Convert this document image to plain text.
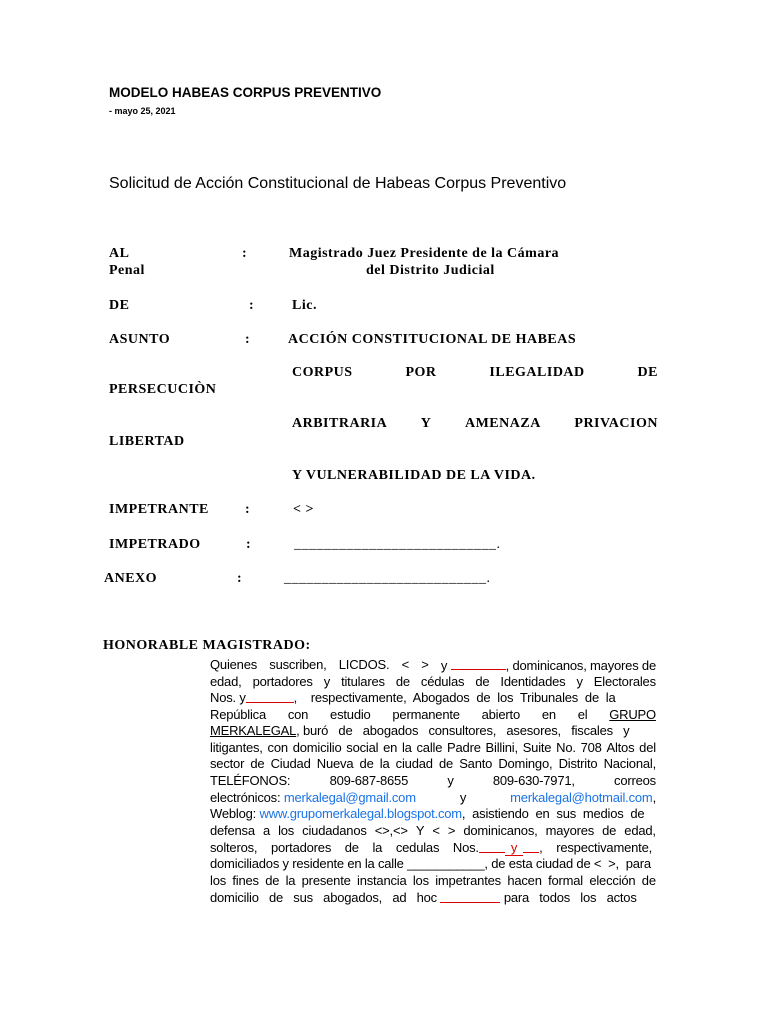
MODELO HABEAS CORPUS PREVENTIVO
- mayo 25, 2021
Solicitud de Acción Constitucional de Habeas Corpus Preventivo
AL
Penal
:	Magistrado Juez Presidente de la Cámara
del Distrito Judicial
DE	:	Lic.
ASUNTO	:	ACCIÓN CONSTITUCIONAL DE HABEAS
CORPUS	POR	ILEGALIDAD	DE
PERSECUCIÒN
ARBITRARIA Y AMENAZA PRIVACION
LIBERTAD
Y VULNERABILIDAD DE LA VIDA.
IMPETRANTE	:	< >
IMPETRADO	:	___________________________.
ANEXO	:	___________________________.
HONORABLE MAGISTRADO:
Quienes suscriben, LICDOS. < > y	, dominicanos, mayores de
edad, portadores y titulares de cédulas de Identidades y Electorales
Nos. y	,    respectivamente,  Abogados  de  los  Tribunales  de  la
República con estudio permanente abierto en el GRUPO
MERKALEGAL , buró   de   abogados   consultores,   asesores,   fiscales   y
litigantes, con domicilio social en la calle Padre Billini, Suite No. 708 Altos del
sector de Ciudad Nueva de la ciudad de Santo Domingo, Distrito Nacional,
TELÉFONOS:	809-687-8655	y	809-630-7971,	correos
electrónicos: merkalegal@gmail.com	y	merkalegal@hotmail.com,
Weblog:
www.grupomerkalegal.blogspot.com ,  asistiendo  en  sus  medios  de
defensa a los ciudadanos <>,<> Y < > dominicanos, mayores de edad,
solteros,    portadores    de    la    cedulas    Nos.	y	,    respectivamente,
domiciliados y residente en la calle ___________, de esta ciudad de <  >,  para
los fines de la presente instancia los impetrantes hacen formal elección de
domicilio   de   sus   abogados,   ad   hoc
	para   todos   los   actos
